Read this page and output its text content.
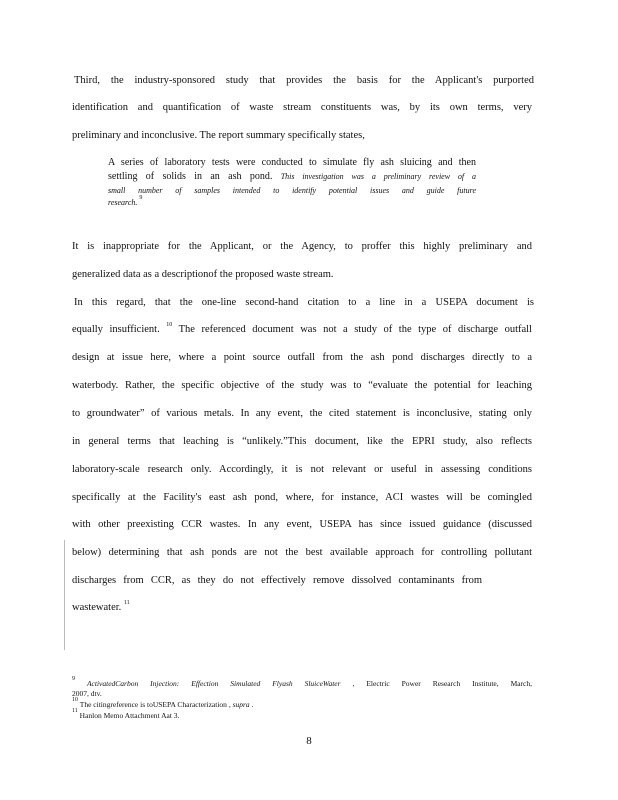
Third, the industry-sponsored study that provides the basis for the Applicant's purported
identification and quantification of waste stream constituents was, by its own terms, very
preliminary and inconclusive. The report summary specifically states,
A series of laboratory tests were conducted to simulate fly ash sluicing and then
settling of solids in an ash pond. This investigation was a preliminary review of a
small number of samples intended to identify potential issues and guide future
research. $^9$
It is inappropriate for the Applicant, or the Agency, to proffer this highly preliminary and
generalized data as a descriptionof the proposed waste stream.
In this regard, that the one-line second-hand citation to a line in a USEPA document is
equally insufficient. $^{10}$ The referenced document was not a study of the type of discharge outfall
design at issue here, where a point source outfall from the ash pond discharges directly to a
waterbody. Rather, the specific objective of the study was to “evaluate the potential for leaching
to groundwater” of various metals. In any event, the cited statement is inconclusive, stating only
in general terms that leaching is “unlikely.”This document, like the EPRI study, also reflects
laboratory-scale research only. Accordingly, it is not relevant or useful in assessing conditions
specifically at the Facility's east ash pond, where, for instance, ACI wastes will be comingled
with other preexisting CCR wastes. In any event, USEPA has since issued guidance (discussed
below) determining that ash ponds are not the best available approach for controlling pollutant
discharges from CCR, as they do not effectively remove dissolved contaminants from
wastewater. $^{11}$
$^9$ ActivatedCarbon Injection: Effection Simulated Flyash SluiceWater , Electric Power Research Institute, March,
2007, dtv.
$^{10}$ The citingreference is toUSEPA Characterization , supra .
$^{11}$ Hanlon Memo Attachment Aat 3.
8
